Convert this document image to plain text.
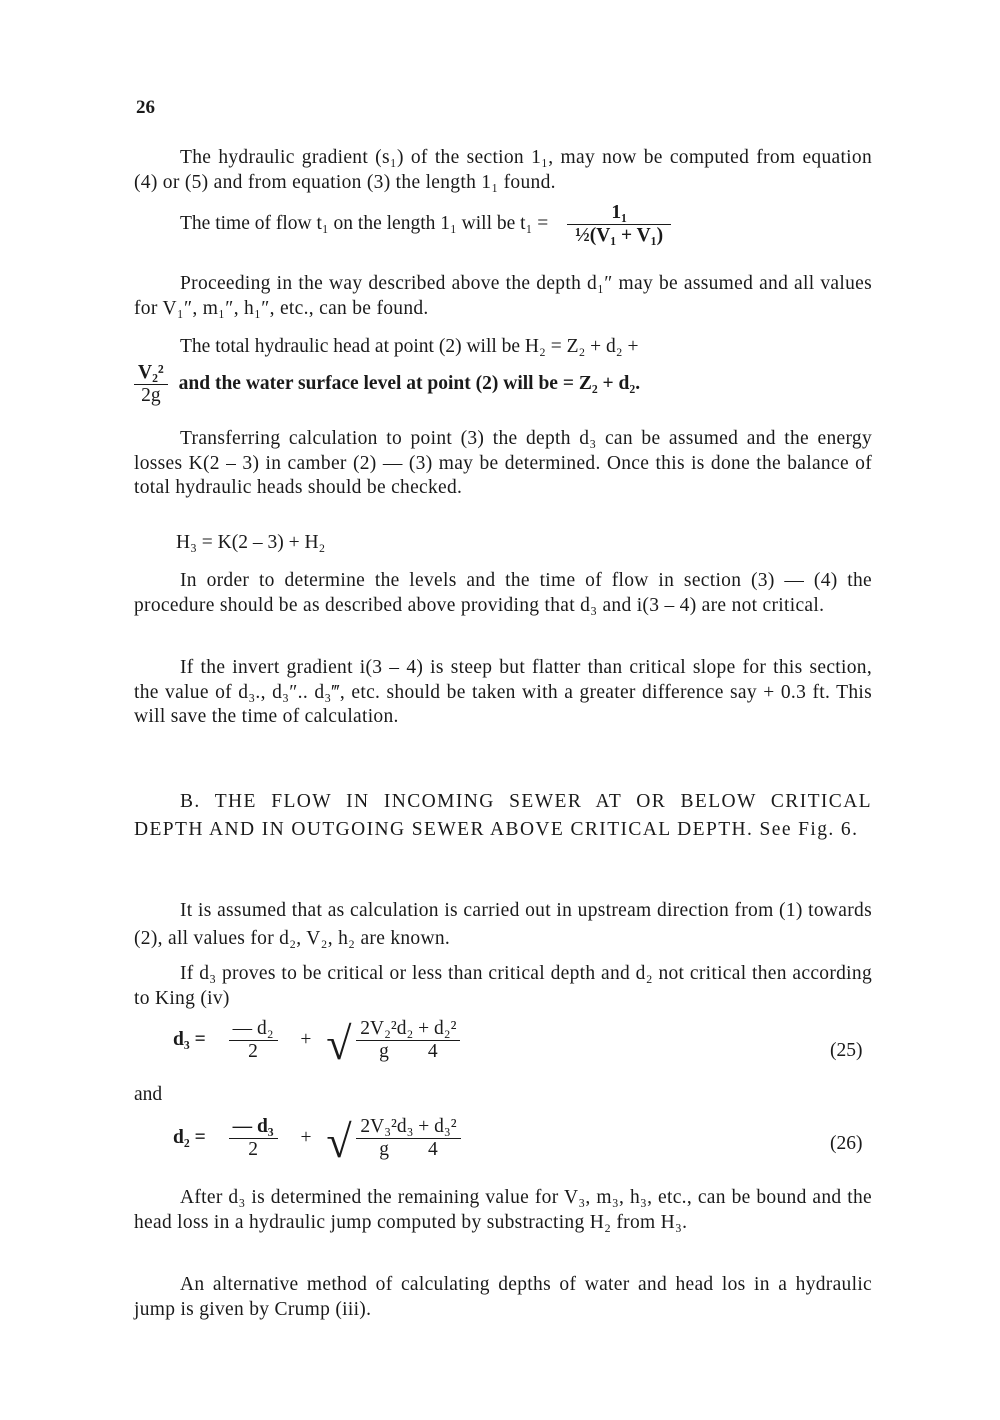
26

The hydraulic gradient (s₁) of the section 1₁, may now be computed from equation (4) or (5) and from equation (3) the length 1₁ found.

The time of flow t₁ on the length 1₁ will be $t_1 = \frac{\text{1₁}}{\text{½(V₁ + V₁)}}$

Proceeding in the way described above the depth d₁″ may be assumed and all values for V₁″, m₁″, h₁″, etc., can be found.

The total hydraulic head at point (2) will be H₂ = Z₂ + d₂ +
$\frac{\text{V₂²}}{2g}$ and the water surface level at point (2) will be = Z₂ + d₂.

Transferring calculation to point (3) the depth d₃ can be assumed and the energy losses K(2 – 3) in camber (2) — (3) may be determined. Once this is done the balance of total hydraulic heads should be checked.

H₃ = K(2 – 3) + H₂

In order to determine the levels and the time of flow in section (3) — (4) the procedure should be as described above providing that d₃ and i(3 – 4) are not critical.

If the invert gradient i(3 – 4) is steep but flatter than critical slope for this section, the value of d₃., d₃″.. d₃‴, etc. should be taken with a greater difference say + 0.3 ft. This will save the time of calculation.

B. THE FLOW IN INCOMING SEWER AT OR BELOW CRITICAL DEPTH AND IN OUTGOING SEWER ABOVE CRITICAL DEPTH. See Fig. 6.

It is assumed that as calculation is carried out in upstream direction from (1) towards (2), all values for d₂, V₂, h₂ are known.

If d₃ proves to be critical or less than critical depth and d₂ not critical then according to King (iv)

$d_3 = \frac{\text{— d₂}}{2}$ + √ $\frac{\text{2V₂²d₂ + d₂²}}{g 4}$	(25)
and
$d_2 = \frac{\text{— d₃}}{2}$ + √ $\frac{\text{2V₃²d₃ + d₃²}}{g 4}$	(26)

After d₃ is determined the remaining value for V₃, m₃, h₃, etc., can be bound and the head loss in a hydraulic jump computed by substracting H₂ from H₃.

An alternative method of calculating depths of water and head los in a hydraulic jump is given by Crump (iii).
